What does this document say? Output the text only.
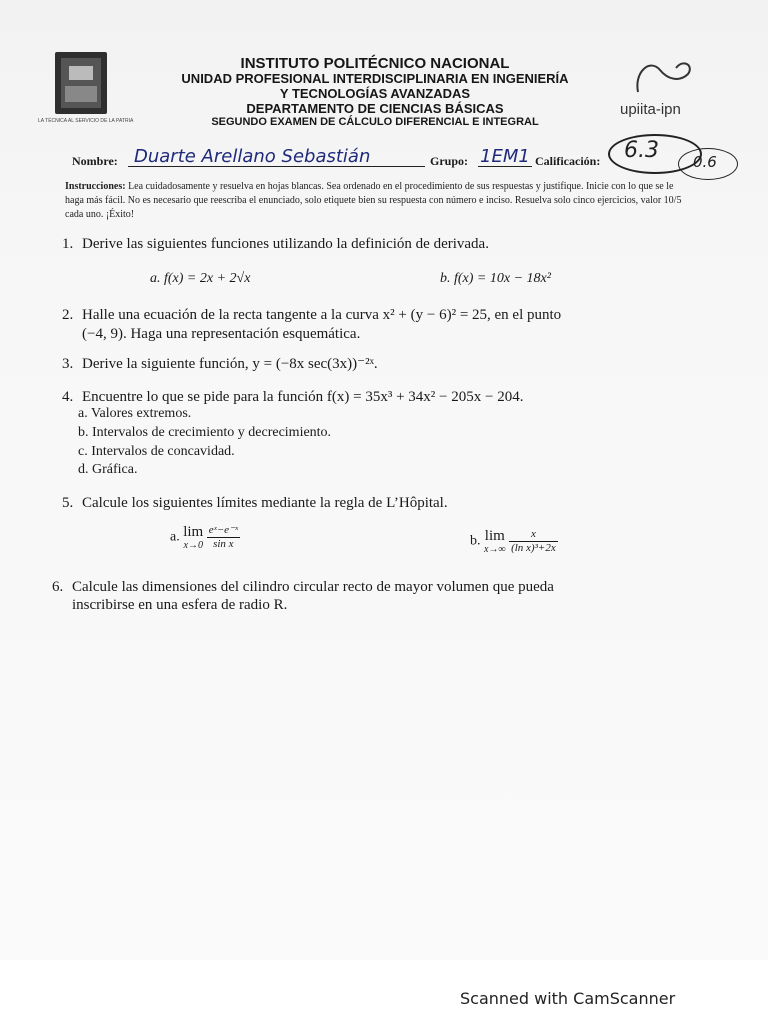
LA TÉCNICA AL SERVICIO DE LA PATRIA
INSTITUTO POLITÉCNICO NACIONAL
UNIDAD PROFESIONAL INTERDISCIPLINARIA EN INGENIERÍA
Y TECNOLOGÍAS AVANZADAS
DEPARTAMENTO DE CIENCIAS BÁSICAS
SEGUNDO EXAMEN DE CÁLCULO DIFERENCIAL E INTEGRAL
upiita-ipn
Nombre: Duarte Arellano Sebastián	Grupo: 1EM1 Calificación: 6.3 0.6
Instrucciones: Lea cuidadosamente y resuelva en hojas blancas. Sea ordenado en el procedimiento de sus respuestas y justifique. Inicie con lo que se le haga más fácil. No es necesario que reescriba el enunciado, solo etiquete bien su respuesta con número e inciso. Resuelva solo cinco ejercicios, valor 10/5 cada uno. ¡Éxito!
1. Derive las siguientes funciones utilizando la definición de derivada.
a. f(x) = 2x + 2√x	b. f(x) = 10x − 18x²
2. Halle una ecuación de la recta tangente a la curva x² + (y − 6)² = 25, en el punto
(−4, 9). Haga una representación esquemática.
3. Derive la siguiente función, y = (−8x sec(3x))⁻²ˣ.
4. Encuentre lo que se pide para la función f(x) = 35x³ + 34x² − 205x − 204.
a. Valores extremos.
b. Intervalos de crecimiento y decrecimiento.
c. Intervalos de concavidad.
d. Gráfica.
5. Calcule los siguientes límites mediante la regla de L’Hôpital.
a. lim
x→0
$\frac{\text{eˣ−e⁻ˣ}}{\text{sin x}}$	b. lim
x→∞
$\frac{x}{\text{(ln x)³+2x}}$
6. Calcule las dimensiones del cilindro circular recto de mayor volumen que pueda
inscribirse en una esfera de radio R.
Scanned with CamScanner
